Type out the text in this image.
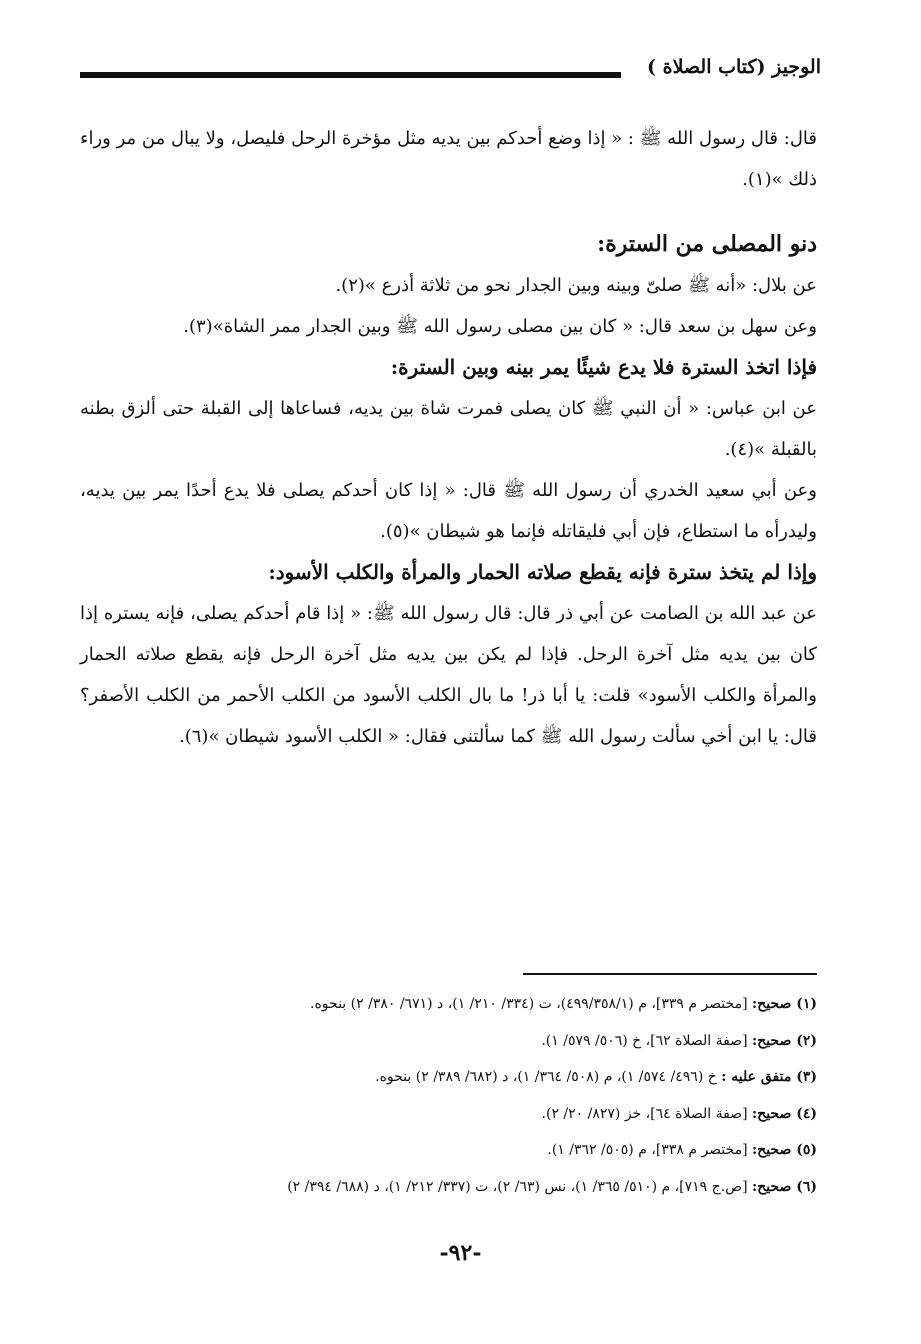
الوجيز (كتاب الصلاة )

قال: قال رسول الله ﷺ : « إذا وضع أحدكم بين يديه مثل مؤخرة الرحل فليصل، ولا يبال من مر وراء ذلك »(١).

دنو المصلى من السترة:

عن بلال: «أنه ﷺ صلىّ وبينه وبين الجدار نحو من ثلاثة أذرع »(٢).

وعن سهل بن سعد قال: « كان بين مصلى رسول الله ﷺ وبين الجدار ممر الشاة»(٣).

فإذا اتخذ السترة فلا يدع شيئًا يمر بينه وبين السترة:

عن ابن عباس: « أن النبي ﷺ كان يصلى فمرت شاة بين يديه، فساعاها إلى القبلة حتى ألزق بطنه بالقبلة »(٤).

وعن أبي سعيد الخدري أن رسول الله ﷺ قال: « إذا كان أحدكم يصلى فلا يدع أحدًا يمر بين يديه، وليدرأه ما استطاع، فإن أبي فليقاتله فإنما هو شيطان »(٥).

وإذا لم يتخذ سترة فإنه يقطع صلاته الحمار والمرأة والكلب الأسود:

عن عبد الله بن الصامت عن أبي ذر قال: قال رسول الله ﷺ: « إذا قام أحدكم يصلى، فإنه يستره إذا كان بين يديه مثل آخرة الرحل. فإذا لم يكن بين يديه مثل آخرة الرحل فإنه يقطع صلاته الحمار والمرأة والكلب الأسود» قلت: يا أبا ذر! ما بال الكلب الأسود من الكلب الأحمر من الكلب الأصفر؟ قال: يا ابن أخي سألت رسول الله ﷺ كما سألتنى فقال: « الكلب الأسود شيطان »(٦).

(١) صحيح: [مختصر م ٣٣٩]، م (٤٩٩/٣٥٨/١)، ت (٣٣٤/ ٢١٠/ ١)، د (٦٧١/ ٣٨٠/ ٢) بنحوه.

(٢) صحيح: [صفة الصلاة ٦٢]، خ (٥٠٦/ ٥٧٩/ ١).

(٣) متفق عليه : خ (٤٩٦/ ٥٧٤/ ١)، م (٥٠٨/ ٣٦٤/ ١)، د (٦٨٢/ ٣٨٩/ ٢) بنحوه.

(٤) صحيح: [صفة الصلاة ٦٤]، خز (٨٢٧/ ٢٠/ ٢).

(٥) صحيح: [مختصر م ٣٣٨]، م (٥٠٥/ ٣٦٢/ ١).

(٦) صحيح: [ص.ج ٧١٩]، م (٥١٠/ ٣٦٥/ ١)، نس (٦٣/ ٢)، ت (٣٣٧/ ٢١٢/ ١)، د (٦٨٨/ ٣٩٤/ ٢)

-٩٢-
